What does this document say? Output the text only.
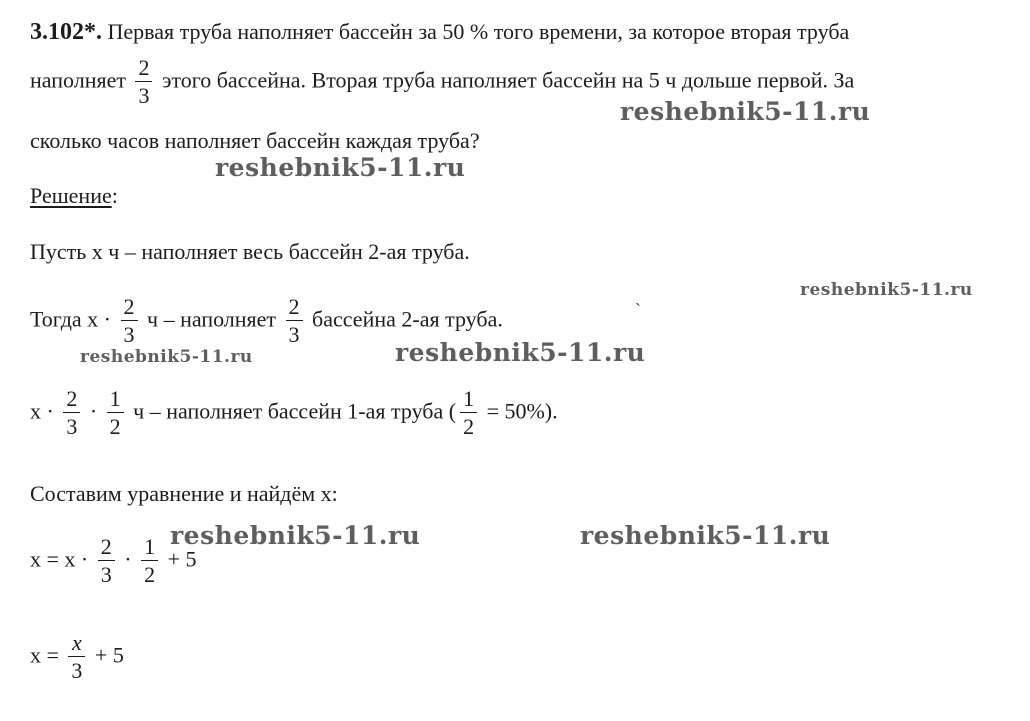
3.102*. Первая труба наполняет бассейн за 50 % того времени, за которое вторая труба
наполняет $\frac{2}{3}$ этого бассейна. Вторая труба наполняет бассейн на 5 ч дольше первой. За
сколько часов наполняет бассейн каждая труба?
Решение:
Пусть x ч – наполняет весь бассейн 2-ая труба.
Тогда $x \cdot \frac{2}{3}$ ч – наполняет $\frac{2}{3}$ бассейна 2-ая труба.
$x \cdot \frac{2}{3} \cdot \frac{1}{2}$ ч – наполняет бассейн 1-ая труба ( $\frac{1}{2} = 50\%$).
Составим уравнение и найдём x:
$x = x \cdot \frac{2}{3} \cdot \frac{1}{2} + 5$
$x = \frac{x}{3} + 5$
reshebnik5-11.ru
reshebnik5-11.ru
reshebnik5-11.ru
reshebnik5-11.ru
reshebnik5-11.ru
reshebnik5-11.ru	reshebnik5-11.ru
`
